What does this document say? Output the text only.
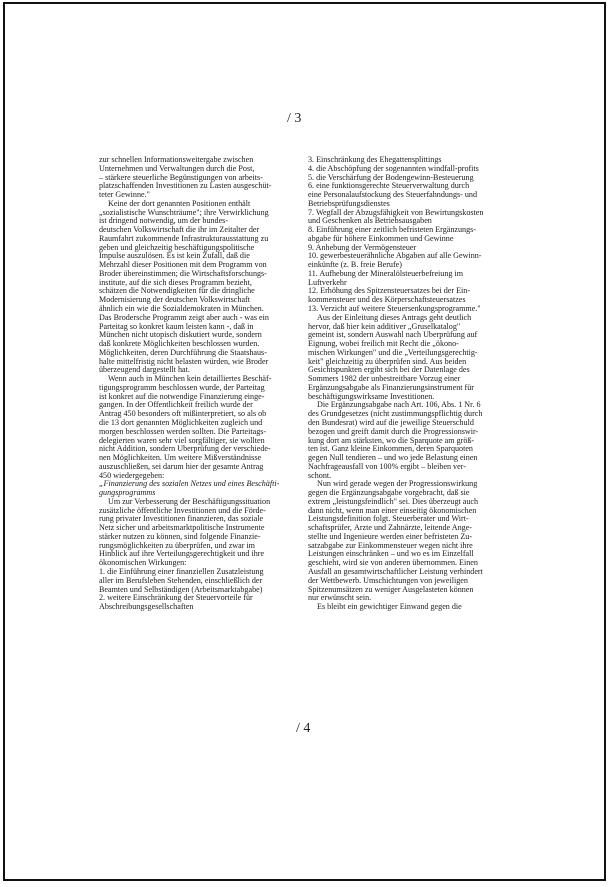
/ 3
zur schnellen Informationsweitergabe zwischen
Unternehmen und Verwaltungen durch die Post,
– stärkere steuerliche Begünstigungen von arbeits-
platzschaffenden Investitionen zu Lasten ausgeschüt-
teter Gewinne."
Keine der dort genannten Positionen enthält
„sozialistische Wunschträume"; ihre Verwirklichung
ist dringend notwendig, um der bundes-
deutschen Volkswirtschaft die ihr im Zeitalter der
Raumfahrt zukommende Infrastrukturausstattung zu
geben und gleichzeitig beschäftigungspolitische
Impulse auszulösen. Es ist kein Zufall, daß die
Mehrzahl dieser Positionen mit dem Programm von
Broder übereinstimmen; die Wirtschaftsforschungs-
institute, auf die sich dieses Programm bezieht,
schätzen die Notwendigkeiten für die dringliche
Modernisierung der deutschen Volkswirtschaft
ähnlich ein wie die Sozialdemokraten in München.
Das Brodersche Programm zeigt aber auch - was ein
Parteitag so konkret kaum leisten kann -, daß in
München nicht utopisch diskutiert wurde, sondern
daß konkrete Möglichkeiten beschlossen wurden.
Möglichkeiten, deren Durchführung die Staatshaus-
halte mittelfristig nicht belasten würden, wie Broder
überzeugend dargestellt hat.
Wenn auch in München kein detailliertes Beschäf-
tigungsprogramm beschlossen wurde, der Parteitag
ist konkret auf die notwendige Finanzierung einge-
gangen. In der Öffentlichkeit freilich wurde der
Antrag 450 besonders oft mißinterpretiert, so als ob
die 13 dort genannten Möglichkeiten zugleich und
morgen beschlossen werden sollten. Die Parteitags-
delegierten waren sehr viel sorgfältiger, sie wollten
nicht Addition, sondern Überprüfung der verschiede-
nen Möglichkeiten. Um weitere Mißverständnisse
auszuschließen, sei darum hier der gesamte Antrag
450 wiedergegeben:
„Finanzierung des sozialen Netzes und eines Beschäfti-
gungsprogramms
Um zur Verbesserung der Beschäftigungssituation
zusätzliche öffentliche Investitionen und die Förde-
rung privater Investitionen finanzieren, das soziale
Netz sicher und arbeitsmarktpolitische Instrumente
stärker nutzen zu können, sind folgende Finanzie-
rungsmöglichkeiten zu überprüfen, und zwar im
Hinblick auf ihre Verteilungsgerechtigkeit und ihre
ökonomischen Wirkungen:
1. die Einführung einer finanziellen Zusatzleistung
aller im Berufsleben Stehenden, einschließlich der
Beamten und Selbständigen (Arbeitsmarktabgabe)
2. weitere Einschränkung der Steuervorteile für
Abschreibungsgesellschaften
3. Einschränkung des Ehegattensplittings
4. die Abschöpfung der sogenannten windfall-profits
5. die Verschärfung der Bodengewinn-Besteuerung
6. eine funktionsgerechte Steuerverwaltung durch
eine Personalaufstockung des Steuerfahndungs- und
Betriebsprüfungsdienstes
7. Wegfall der Abzugsfähigkeit von Bewirtungskosten
und Geschenken als Betriebsausgaben
8. Einführung einer zeitlich befristeten Ergänzungs-
abgabe für höhere Einkommen und Gewinne
9. Anhebung der Vermögensteuer
10. gewerbesteuerähnliche Abgaben auf alle Gewinn-
einkünfte (z. B. freie Berufe)
11. Aufhebung der Mineralölsteuerbefreiung im
Luftverkehr
12. Erhöhung des Spitzensteuersatzes bei der Ein-
kommensteuer und des Körperschaftsteuersatzes
13. Verzicht auf weitere Steuersenkungsprogramme."
Aus der Einleitung dieses Antrags geht deutlich
hervor, daß hier kein additiver „Gruselkatalog"
gemeint ist, sondern Auswahl nach Überprüfung auf
Eignung, wobei freilich mit Recht die „ökono-
mischen Wirkungen" und die „Verteilungsgerechtig-
keit" gleichzeitig zu überprüfen sind. Aus beiden
Gesichtspunkten ergibt sich bei der Datenlage des
Sommers 1982 der unbestreitbare Vorzug einer
Ergänzungsabgabe als Finanzierungsinstrument für
beschäftigungswirksame Investitionen.
Die Ergänzungsabgabe nach Art. 106, Abs. 1 Nr. 6
des Grundgesetzes (nicht zustimmungspflichtig durch
den Bundesrat) wird auf die jeweilige Steuerschuld
bezogen und greift damit durch die Progressionswir-
kung dort am stärksten, wo die Sparquote am größ-
ten ist. Ganz kleine Einkommen, deren Sparquoten
gegen Null tendieren – und wo jede Belastung einen
Nachfrageausfall von 100% ergibt – bleiben ver-
schont.
Nun wird gerade wegen der Progressionswirkung
gegen die Ergänzungsabgabe vorgebracht, daß sie
extrem „leistungsfeindlich" sei. Dies überzeugt auch
dann nicht, wenn man einer einseitig ökonomischen
Leistungsdefinition folgt. Steuerberater und Wirt-
schaftsprüfer, Ärzte und Zahnärzte, leitende Ange-
stellte und Ingenieure werden einer befristeten Zu-
satzabgabe zur Einkommensteuer wegen nicht ihre
Leistungen einschränken – und wo es im Einzelfall
geschieht, wird sie von anderen übernommen. Einen
Ausfall an gesamtwirtschaftlicher Leistung verhindert
der Wettbewerb. Umschichtungen von jeweiligen
Spitzenumsätzen zu weniger Ausgelasteten können
nur erwünscht sein.
Es bleibt ein gewichtiger Einwand gegen die
/ 4
